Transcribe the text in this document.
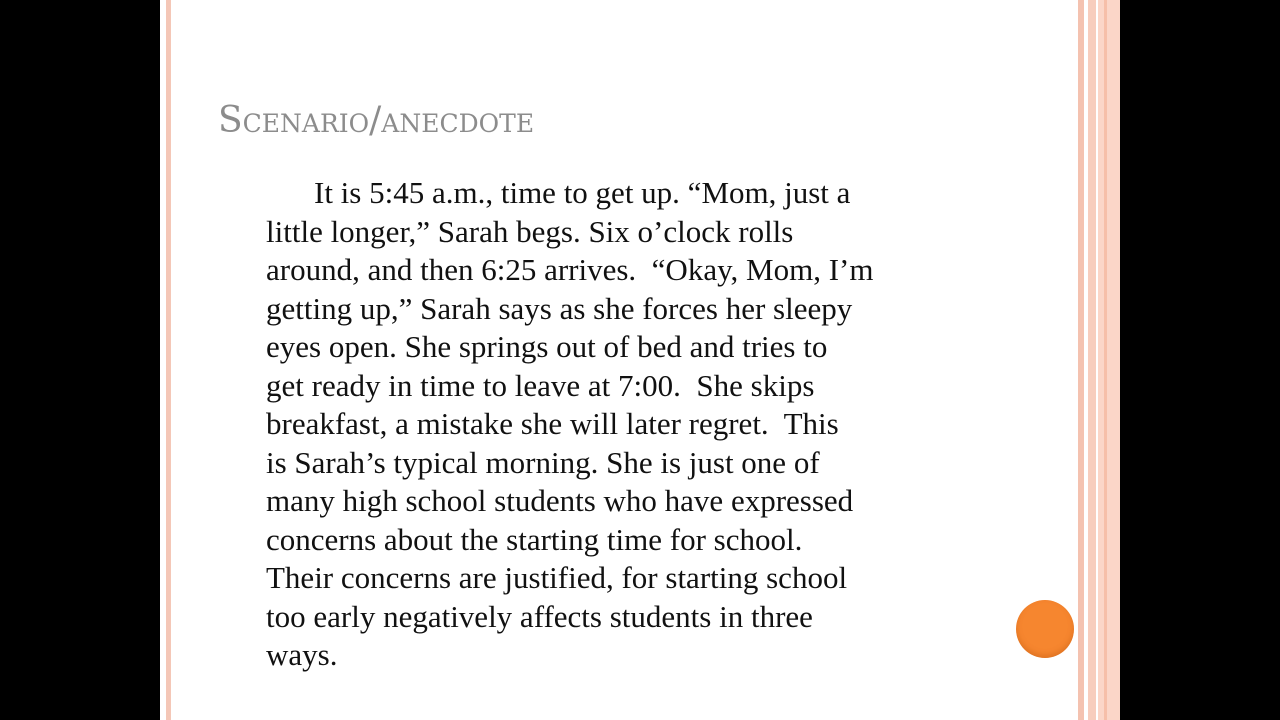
Scenario/anecdote
It is 5:45 a.m., time to get up. “Mom, just a
little longer,” Sarah begs. Six o’clock rolls
around, and then 6:25 arrives.  “Okay, Mom, I’m
getting up,” Sarah says as she forces her sleepy
eyes open. She springs out of bed and tries to
get ready in time to leave at 7:00.  She skips
breakfast, a mistake she will later regret.  This
is Sarah’s typical morning. She is just one of
many high school students who have expressed
concerns about the starting time for school.
Their concerns are justified, for starting school
too early negatively affects students in three
ways.
